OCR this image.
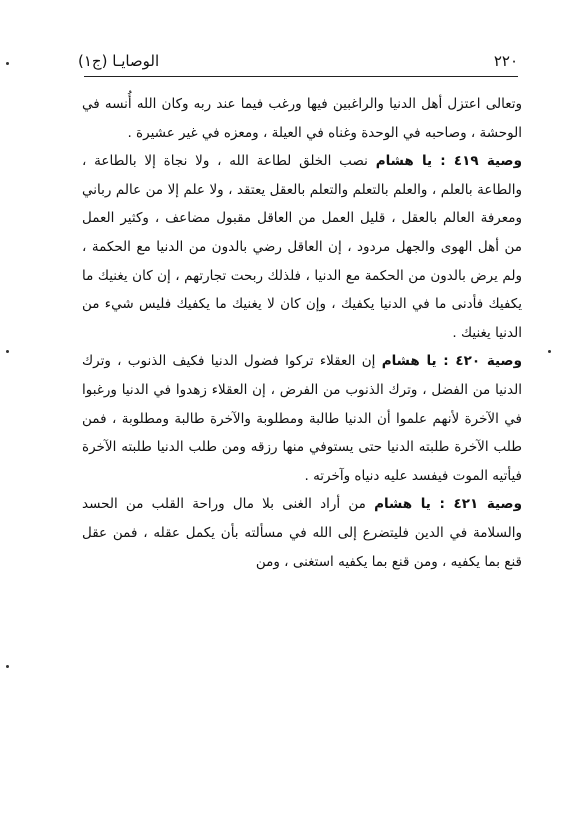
٢٢٠
الوصايـا (ج١)

وتعالى اعتزل أهل الدنيا والراغبين فيها ورغب فيما عند ربه وكان الله أُنسه في الوحشة ، وصاحبه في الوحدة وغناه في العيلة ، ومعزه في غير عشيرة .

وصية ٤١٩ : يا هشام نصب الخلق لطاعة الله ، ولا نجاة إلا بالطاعة ، والطاعة بالعلم ، والعلم بالتعلم والتعلم بالعقل يعتقد ، ولا علم إلا من عالم رباني ومعرفة العالم بالعقل ، قليل العمل من العاقل مقبول مضاعف ، وكثير العمل من أهل الهوى والجهل مردود ، إن العاقل رضي بالدون من الدنيا مع الحكمة ، ولم يرض بالدون من الحكمة مع الدنيا ، فلذلك ربحت تجارتهم ، إن كان يغنيك ما يكفيك فأدنى ما في الدنيا يكفيك ، وإن كان لا يغنيك ما يكفيك فليس شيء من الدنيا يغنيك .

وصية ٤٢٠ : يا هشام إن العقلاء تركوا فضول الدنيا فكيف الذنوب ، وترك الدنيا من الفضل ، وترك الذنوب من الفرض ، إن العقلاء زهدوا في الدنيا ورغبوا في الآخرة لأنهم علموا أن الدنيا طالبة ومطلوبة والآخرة طالبة ومطلوبة ، فمن طلب الآخرة طلبته الدنيا حتى يستوفي منها رزقه ومن طلب الدنيا طلبته الآخرة فيأتيه الموت فيفسد عليه دنياه وآخرته .

وصية ٤٢١ : يا هشام من أراد الغنى بلا مال وراحة القلب من الحسد والسلامة في الدين فليتضرع إلى الله في مسألته بأن يكمل عقله ، فمن عقل قنع بما يكفيه ، ومن قنع بما يكفيه استغنى ، ومن
